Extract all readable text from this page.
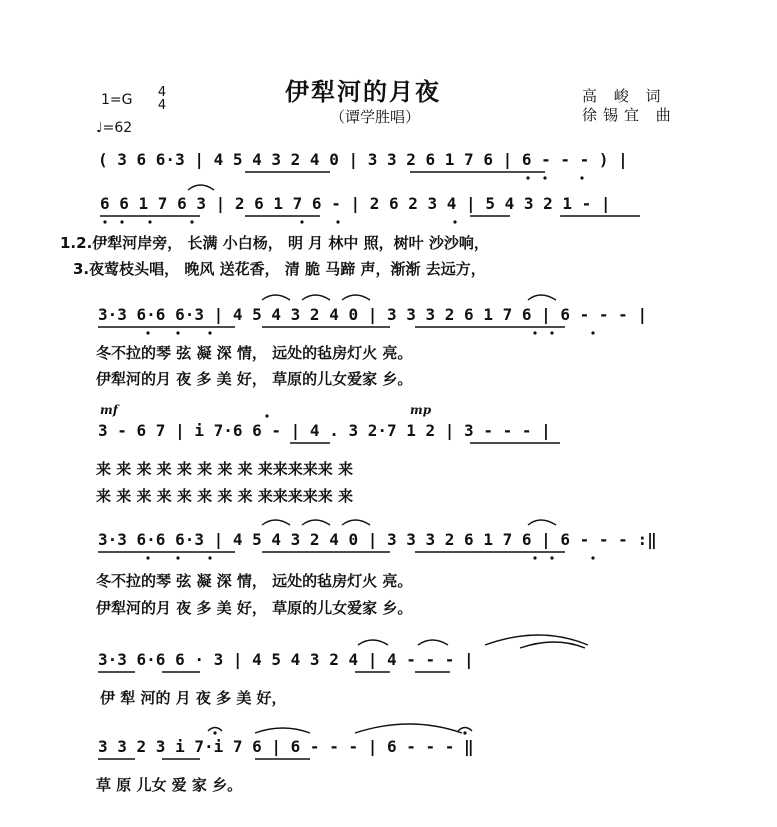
伊犁河的月夜
（谭学胜唱）
高 峻 词
徐锡宜 曲
1=G 4
4
♩=62
( 3 6 6·3 | 4 5 4 3 2 4 0 | 3 3 2 6 1 7 6 | 6 - - - ) |
6 6 1 7 6 3 | 2 6 1 7 6 - | 2 6 2 3 4 | 5 4 3 2 1 - |
1.2.伊犁河岸旁， 长满 小白杨， 明 月 林中 照，树叶 沙沙响，
3.夜莺枝头唱， 晚风 送花香， 清 脆 马蹄 声，渐渐 去远方，
3·3 6·6 6·3 | 4 5 4 3 2 4 0 | 3 3 3 2 6 1 7 6 | 6 - - - |
冬不拉的琴 弦 凝 深 情， 远处的毡房灯火 亮。
伊犁河的月 夜 多 美 好， 草原的儿女爱家 乡。
mf	mp
3 - 6 7 | i 7·6 6 - | 4 . 3 2·7 1 2 | 3 - - - |
来 来 来 来 来 来 来 来 来来来来来 来
来 来 来 来 来 来 来 来 来来来来来 来
3·3 6·6 6·3 | 4 5 4 3 2 4 0 | 3 3 3 2 6 1 7 6 | 6 - - - :‖
冬不拉的琴 弦 凝 深 情， 远处的毡房灯火 亮。
伊犁河的月 夜 多 美 好， 草原的儿女爱家 乡。
3·3 6·6 6 · 3 | 4 5 4 3 2 4 | 4 - - - |
伊 犁 河的 月 夜 多 美 好，
3 3 2 3 i 7·i 7 6 | 6 - - - | 6 - - - ‖
草 原 儿女 爱 家 乡。
